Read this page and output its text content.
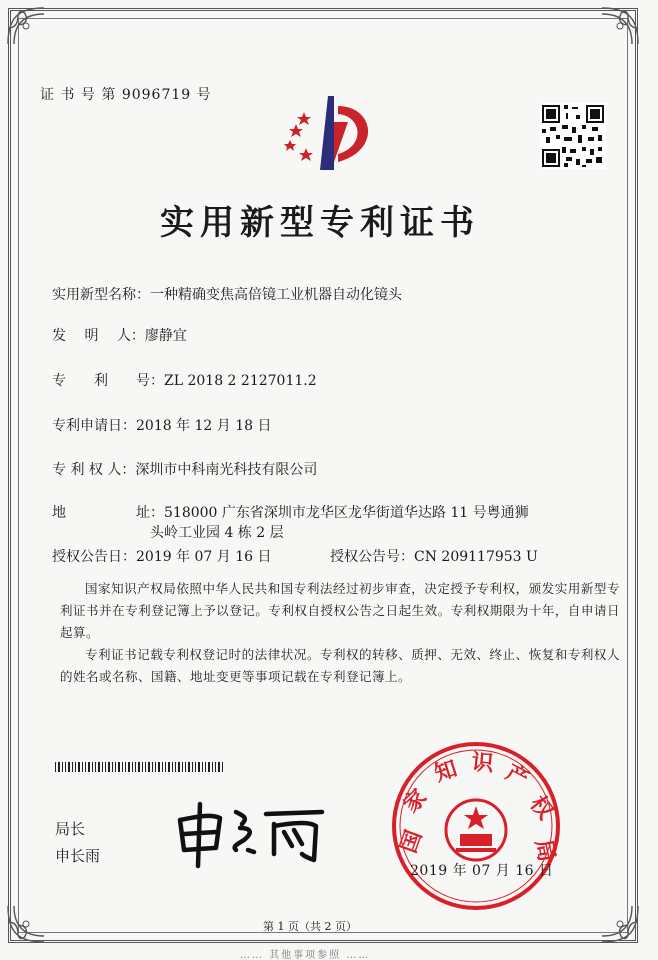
证 书 号 第 9096719 号
实用新型专利证书
实用新型名称：一种精确变焦高倍镜工业机器自动化镜头
发　 明　 人：廖静宜
专　　利　　号：ZL 2018 2 2127011.2
专利申请日：2018 年 12 月 18 日
专 利 权 人：深圳市中科南光科技有限公司
地　　　　　址：518000 广东省深圳市龙华区龙华街道华达路 11 号粤通狮
头岭工业园 4 栋 2 层
授权公告日：2019 年 07 月 16 日	授权公告号：CN 209117953 U
国家知识产权局依照中华人民共和国专利法经过初步审查，决定授予专利权，颁发实用新型专利证书并在专利登记簿上予以登记。专利权自授权公告之日起生效。专利权期限为十年，自申请日起算。
专利证书记载专利权登记时的法律状况。专利权的转移、质押、无效、终止、恢复和专利权人的姓名或名称、国籍、地址变更等事项记载在专利登记簿上。
局长
申长雨	国
家
知 识 产
权
局
2019 年 07 月 16 日
第 1 页（共 2 页）
…… 其他事项参照 ……
